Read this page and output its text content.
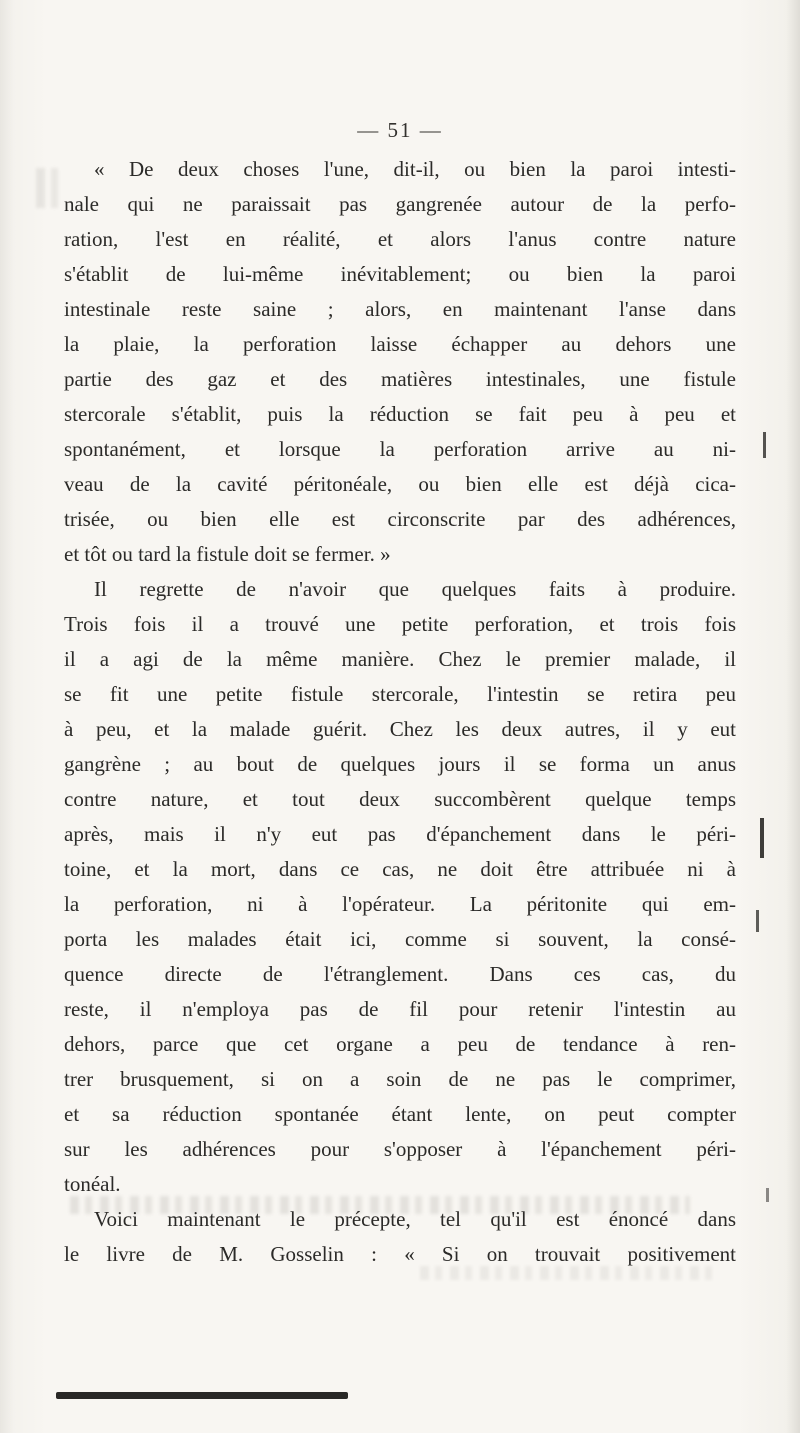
— 51 —
« De deux choses l'une, dit-il, ou bien la paroi intesti-
nale qui ne paraissait pas gangrenée autour de la perfo-
ration, l'est en réalité, et alors l'anus contre nature
s'établit de lui-même inévitablement; ou bien la paroi
intestinale reste saine ; alors, en maintenant l'anse dans
la plaie, la perforation laisse échapper au dehors une
partie des gaz et des matières intestinales, une fistule
stercorale s'établit, puis la réduction se fait peu à peu et
spontanément, et lorsque la perforation arrive au ni-
veau de la cavité péritonéale, ou bien elle est déjà cica-
trisée, ou bien elle est circonscrite par des adhérences,
et tôt ou tard la fistule doit se fermer. »
Il regrette de n'avoir que quelques faits à produire.
Trois fois il a trouvé une petite perforation, et trois fois
il a agi de la même manière. Chez le premier malade, il
se fit une petite fistule stercorale, l'intestin se retira peu
à peu, et la malade guérit. Chez les deux autres, il y eut
gangrène ; au bout de quelques jours il se forma un anus
contre nature, et tout deux succombèrent quelque temps
après, mais il n'y eut pas d'épanchement dans le péri-
toine, et la mort, dans ce cas, ne doit être attribuée ni à
la perforation, ni à l'opérateur. La péritonite qui em-
porta les malades était ici, comme si souvent, la consé-
quence directe de l'étranglement. Dans ces cas, du
reste, il n'employa pas de fil pour retenir l'intestin au
dehors, parce que cet organe a peu de tendance à ren-
trer brusquement, si on a soin de ne pas le comprimer,
et sa réduction spontanée étant lente, on peut compter
sur les adhérences pour s'opposer à l'épanchement péri-
tonéal.
Voici maintenant le précepte, tel qu'il est énoncé dans
le livre de M. Gosselin : « Si on trouvait positivement
